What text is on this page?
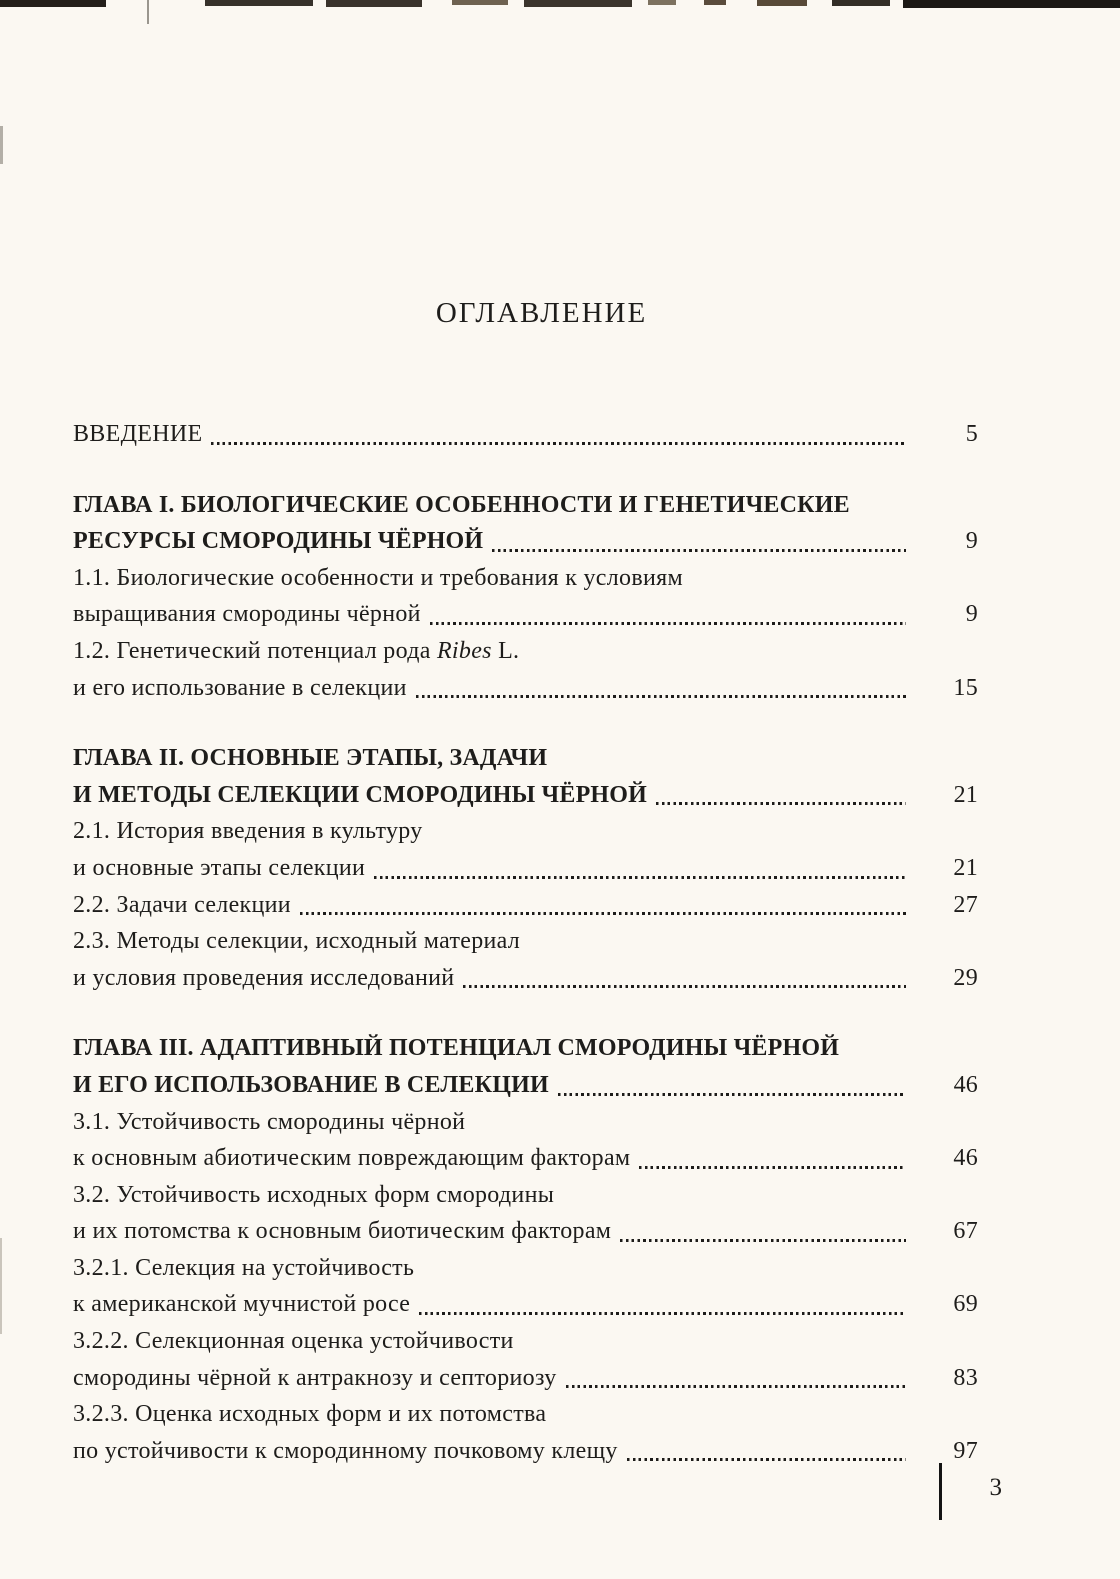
ОГЛАВЛЕНИЕ
ВВЕДЕНИЕ	5
ГЛАВА I. БИОЛОГИЧЕСКИЕ ОСОБЕННОСТИ И ГЕНЕТИЧЕСКИЕ
РЕСУРСЫ СМОРОДИНЫ ЧЁРНОЙ	9
1.1. Биологические особенности и требования к условиям
выращивания смородины чёрной	9
1.2. Генетический потенциал рода Ribes L.
и его использование в селекции	15
ГЛАВА II. ОСНОВНЫЕ ЭТАПЫ, ЗАДАЧИ
И МЕТОДЫ СЕЛЕКЦИИ СМОРОДИНЫ ЧЁРНОЙ	21
2.1. История введения в культуру
и основные этапы селекции	21
2.2. Задачи селекции	27
2.3. Методы селекции, исходный материал
и условия проведения исследований	29
ГЛАВА III. АДАПТИВНЫЙ ПОТЕНЦИАЛ СМОРОДИНЫ ЧЁРНОЙ
И ЕГО ИСПОЛЬЗОВАНИЕ В СЕЛЕКЦИИ	46
3.1. Устойчивость смородины чёрной
к основным абиотическим повреждающим факторам	46
3.2. Устойчивость исходных форм смородины
и их потомства к основным биотическим факторам	67
3.2.1. Селекция на устойчивость
к американской мучнистой росе	69
3.2.2. Селекционная оценка устойчивости
смородины чёрной к антракнозу и септориозу	83
3.2.3. Оценка исходных форм и их потомства
по устойчивости к смородинному почковому клещу	97
3
